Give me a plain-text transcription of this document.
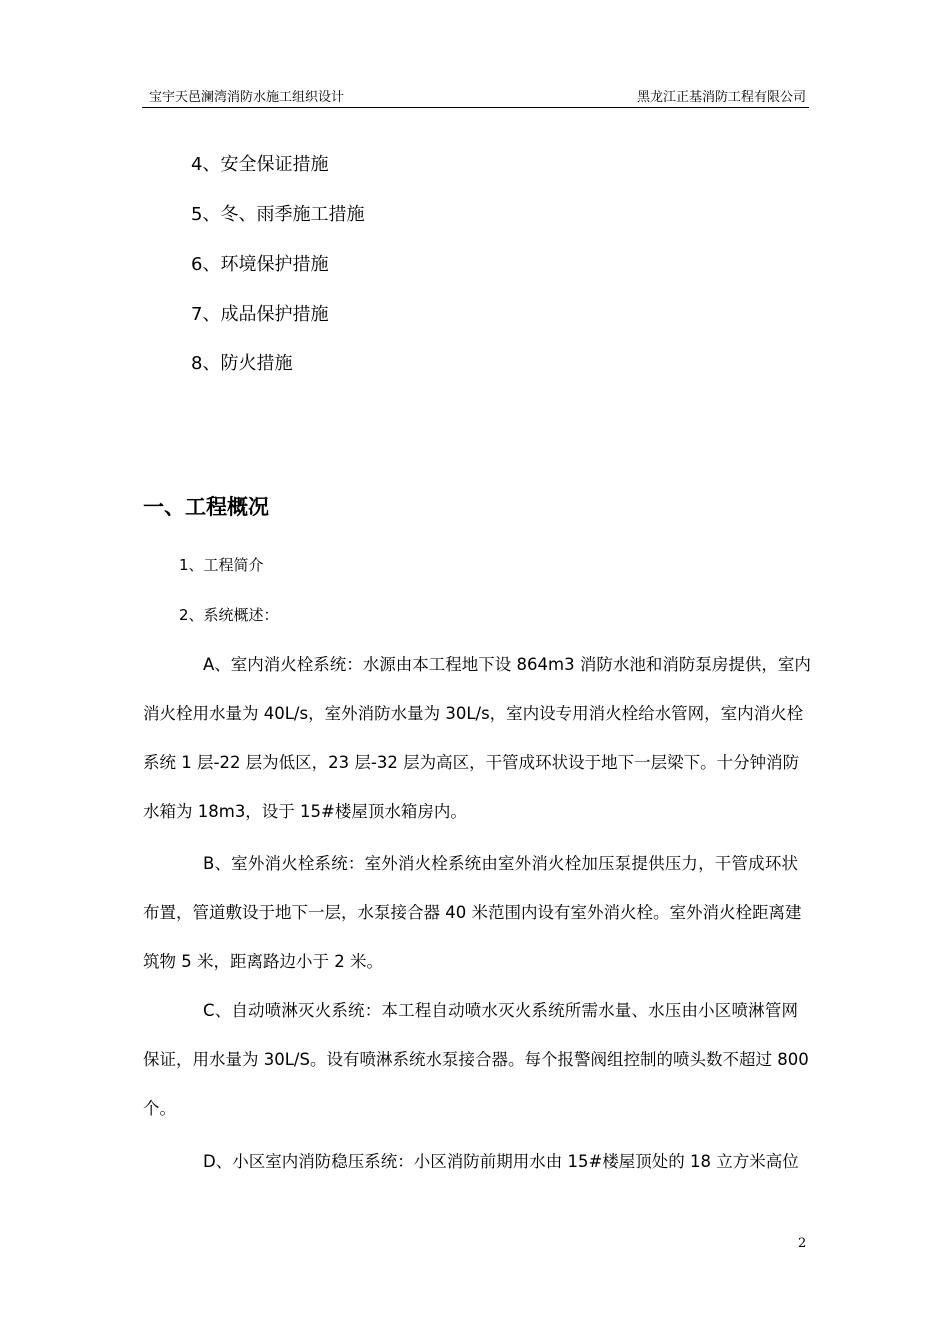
宝宇天邑澜湾消防水施工组织设计	黑龙江正基消防工程有限公司
4、安全保证措施
5、冬、雨季施工措施
6、环境保护措施
7、成品保护措施
8、防火措施
一、工程概况
1、工程简介
2、系统概述：
A、室内消火栓系统：水源由本工程地下设 864m3 消防水池和消防泵房提供，室内
消火栓用水量为 40L/s，室外消防水量为 30L/s，室内设专用消火栓给水管网，室内消火栓
系统 1 层-22 层为低区，23 层-32 层为高区，干管成环状设于地下一层梁下。十分钟消防
水箱为 18m3，设于 15#楼屋顶水箱房内。
B、室外消火栓系统：室外消火栓系统由室外消火栓加压泵提供压力，干管成环状
布置，管道敷设于地下一层，水泵接合器 40 米范围内设有室外消火栓。室外消火栓距离建
筑物 5 米，距离路边小于 2 米。
C、自动喷淋灭火系统：本工程自动喷水灭火系统所需水量、水压由小区喷淋管网
保证，用水量为 30L/S。设有喷淋系统水泵接合器。每个报警阀组控制的喷头数不超过 800
个。
D、小区室内消防稳压系统：小区消防前期用水由 15#楼屋顶处的 18 立方米高位
2
